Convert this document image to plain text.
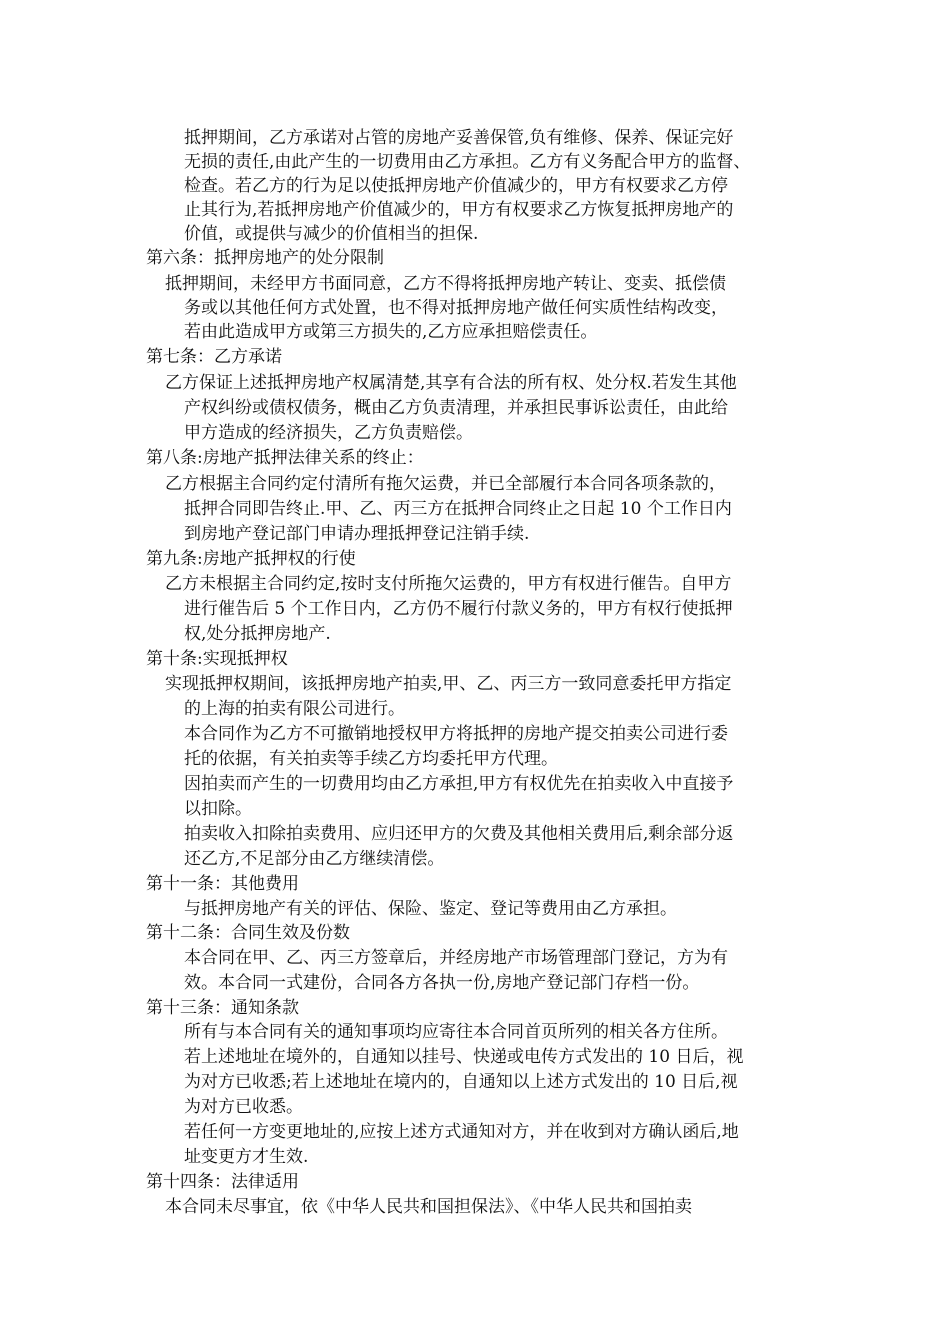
抵押期间，乙方承诺对占管的房地产妥善保管,负有维修、保养、保证完好
无损的责任,由此产生的一切费用由乙方承担。乙方有义务配合甲方的监督、
检查。若乙方的行为足以使抵押房地产价值减少的，甲方有权要求乙方停
止其行为,若抵押房地产价值减少的，甲方有权要求乙方恢复抵押房地产的
价值，或提供与减少的价值相当的担保.
第六条：抵押房地产的处分限制
抵押期间，未经甲方书面同意，乙方不得将抵押房地产转让、变卖、抵偿债
务或以其他任何方式处置，也不得对抵押房地产做任何实质性结构改变，
若由此造成甲方或第三方损失的,乙方应承担赔偿责任。
第七条：乙方承诺
乙方保证上述抵押房地产权属清楚,其享有合法的所有权、处分权.若发生其他
产权纠纷或债权债务，概由乙方负责清理，并承担民事诉讼责任，由此给
甲方造成的经济损失，乙方负责赔偿。
第八条:房地产抵押法律关系的终止：
乙方根据主合同约定付清所有拖欠运费，并已全部履行本合同各项条款的，
抵押合同即告终止.甲、乙、丙三方在抵押合同终止之日起 10 个工作日内
到房地产登记部门申请办理抵押登记注销手续.
第九条:房地产抵押权的行使
乙方未根据主合同约定,按时支付所拖欠运费的，甲方有权进行催告。自甲方
进行催告后 5 个工作日内，乙方仍不履行付款义务的，甲方有权行使抵押
权,处分抵押房地产.
第十条:实现抵押权
实现抵押权期间，该抵押房地产拍卖,甲、乙、丙三方一致同意委托甲方指定
的上海的拍卖有限公司进行。
本合同作为乙方不可撤销地授权甲方将抵押的房地产提交拍卖公司进行委
托的依据，有关拍卖等手续乙方均委托甲方代理。
因拍卖而产生的一切费用均由乙方承担,甲方有权优先在拍卖收入中直接予
以扣除。
拍卖收入扣除拍卖费用、应归还甲方的欠费及其他相关费用后,剩余部分返
还乙方,不足部分由乙方继续清偿。
第十一条：其他费用
与抵押房地产有关的评估、保险、鉴定、登记等费用由乙方承担。
第十二条：合同生效及份数
本合同在甲、乙、丙三方签章后，并经房地产市场管理部门登记，方为有
效。本合同一式建份，合同各方各执一份,房地产登记部门存档一份。
第十三条：通知条款
所有与本合同有关的通知事项均应寄往本合同首页所列的相关各方住所。
若上述地址在境外的，自通知以挂号、快递或电传方式发出的 10 日后，视
为对方已收悉;若上述地址在境内的，自通知以上述方式发出的 10 日后,视
为对方已收悉。
若任何一方变更地址的,应按上述方式通知对方，并在收到对方确认函后,地
址变更方才生效.
第十四条：法律适用
本合同未尽事宜，依《中华人民共和国担保法》、《中华人民共和国拍卖
